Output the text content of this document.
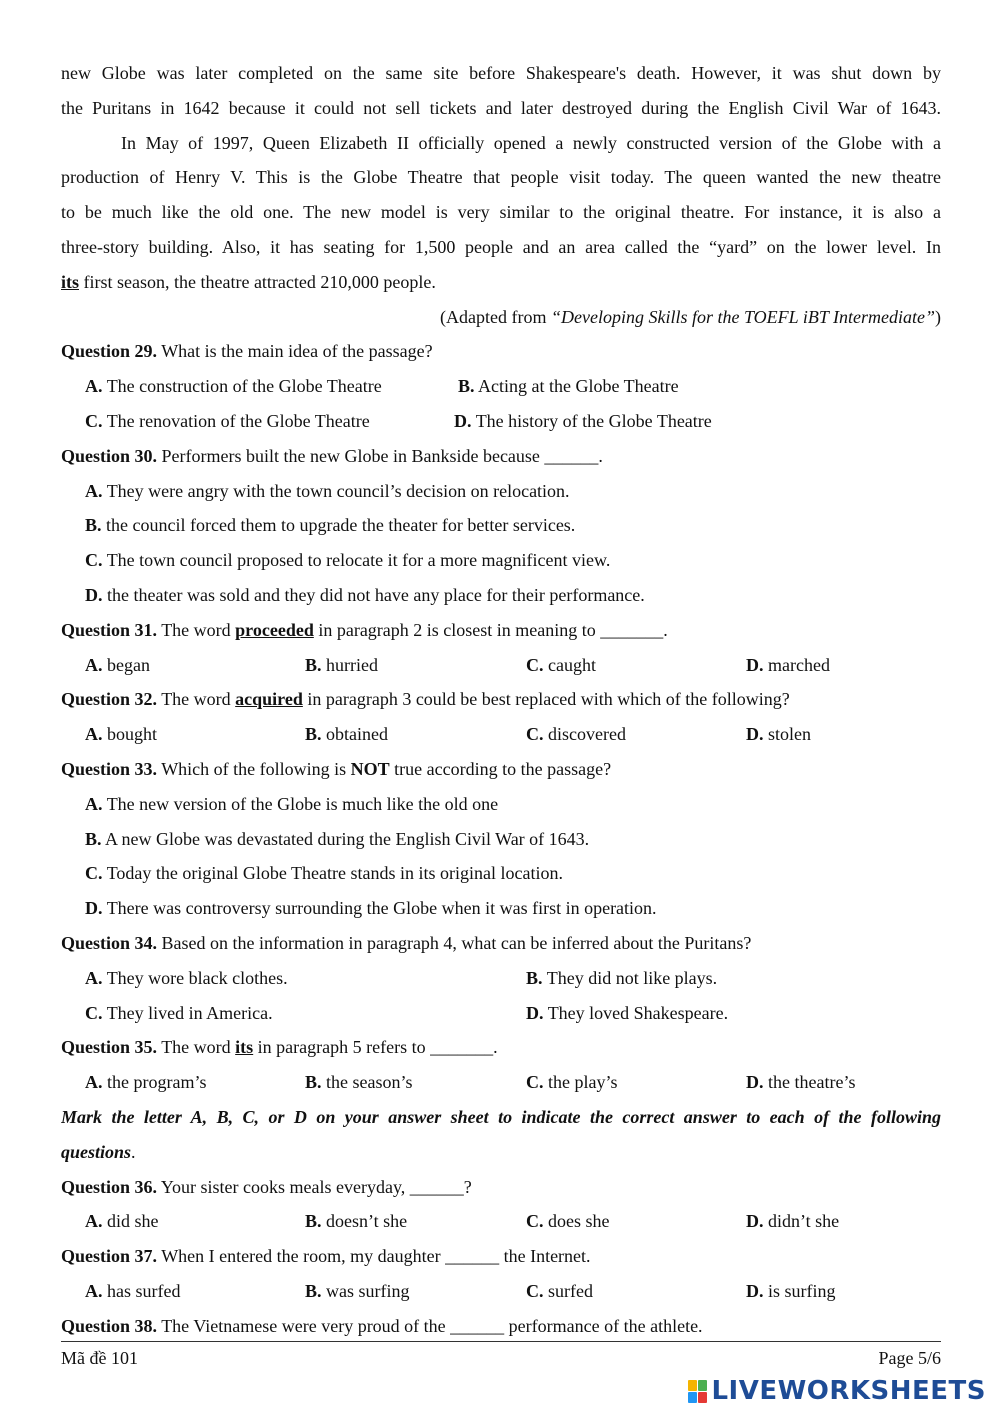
new Globe was later completed on the same site before Shakespeare's death. However, it was shut down by

the Puritans in 1642 because it could not sell tickets and later destroyed during the English Civil War of 1643.

In May of 1997, Queen Elizabeth II officially opened a newly constructed version of the Globe with a

production of Henry V. This is the Globe Theatre that people visit today. The queen wanted the new theatre

to be much like the old one. The new model is very similar to the original theatre. For instance, it is also a

three-story building. Also, it has seating for 1,500 people and an area called the “yard” on the lower level. In

its first season, the theatre attracted 210,000 people.

(Adapted from “Developing Skills for the TOEFL iBT Intermediate”)

Question 29. What is the main idea of the passage?

A. The construction of the Globe Theatre	B. Acting at the Globe Theatre
C. The renovation of the Globe Theatre	D. The history of the Globe Theatre

Question 30. Performers built the new Globe in Bankside because ______.

A. They were angry with the town council’s decision on relocation.

B. the council forced them to upgrade the theater for better services.

C. The town council proposed to relocate it for a more magnificent view.

D. the theater was sold and they did not have any place for their performance.

Question 31. The word proceeded in paragraph 2 is closest in meaning to _______.

A. began	B. hurried	C. caught	D. marched

Question 32. The word acquired in paragraph 3 could be best replaced with which of the following?

A. bought	B. obtained	C. discovered	D. stolen

Question 33. Which of the following is NOT true according to the passage?

A. The new version of the Globe is much like the old one

B. A new Globe was devastated during the English Civil War of 1643.

C. Today the original Globe Theatre stands in its original location.

D. There was controversy surrounding the Globe when it was first in operation.

Question 34. Based on the information in paragraph 4, what can be inferred about the Puritans?

A. They wore black clothes.	B. They did not like plays.
C. They lived in America.	D. They loved Shakespeare.

Question 35. The word its in paragraph 5 refers to _______.

A. the program’s	B. the season’s	C. the play’s	D. the theatre’s

Mark the letter A, B, C, or D on your answer sheet to indicate the correct answer to each of the following

questions.

Question 36. Your sister cooks meals everyday, ______?

A. did she	B. doesn’t she	C. does she	D. didn’t she

Question 37. When I entered the room, my daughter ______ the Internet.

A. has surfed	B. was surfing	C. surfed	D. is surfing

Question 38. The Vietnamese were very proud of the ______ performance of the athlete.

Mã đề 101	Page 5/6
LIVEWORKSHEETS
